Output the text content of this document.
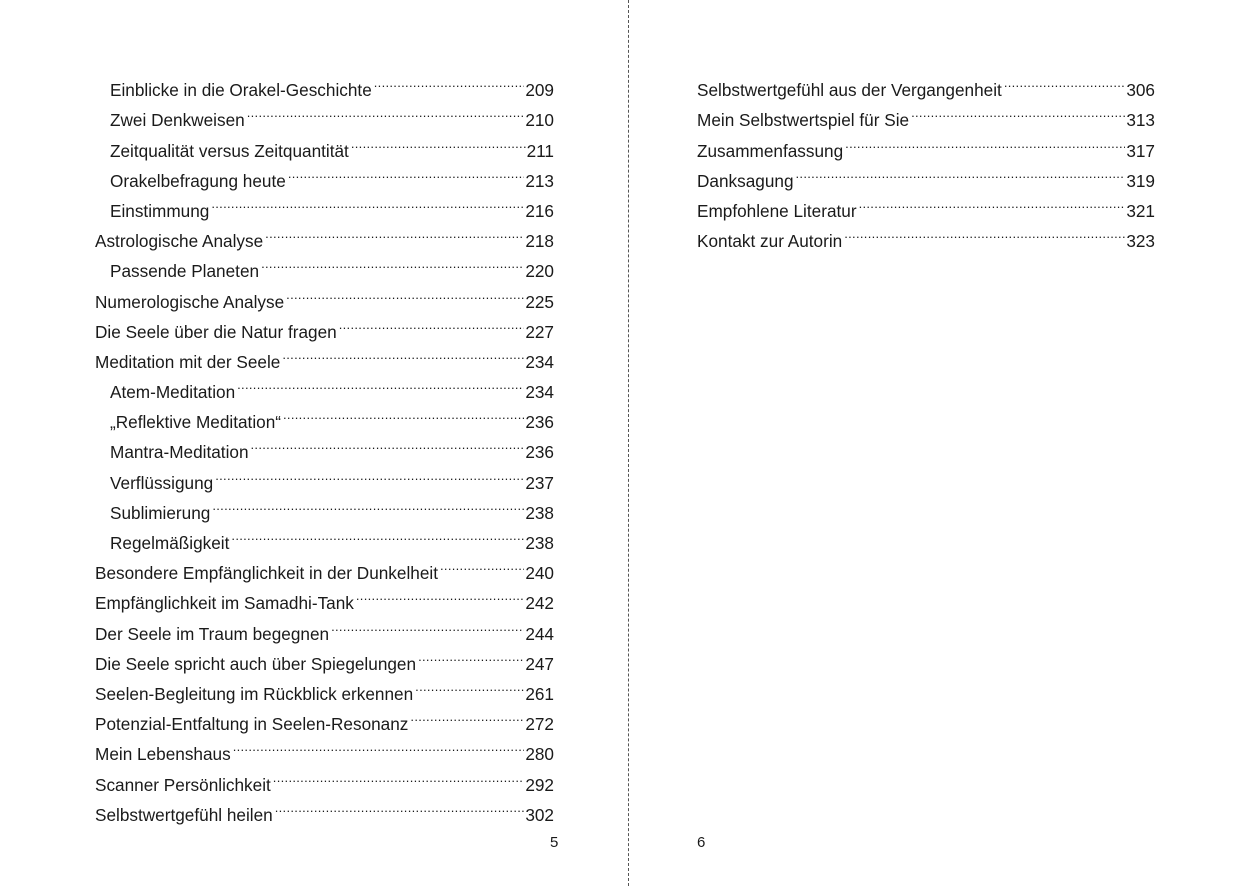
Einblicke in die Orakel-Geschichte .....	209
Zwei Denkweisen .....	210
Zeitqualität versus Zeitquantität .....	211
Orakelbefragung heute .....	213
Einstimmung .....	216
Astrologische Analyse .....	218
Passende Planeten .....	220
Numerologische Analyse .....	225
Die Seele über die Natur fragen .....	227
Meditation mit der Seele .....	234
Atem-Meditation .....	234
„Reflektive Meditation“ .....	236
Mantra-Meditation .....	236
Verflüssigung .....	237
Sublimierung .....	238
Regelmäßigkeit .....	238
Besondere Empfänglichkeit in der Dunkelheit .....	240
Empfänglichkeit im Samadhi-Tank .....	242
Der Seele im Traum begegnen .....	244
Die Seele spricht auch über Spiegelungen .....	247
Seelen-Begleitung im Rückblick erkennen .....	261
Potenzial-Entfaltung in Seelen-Resonanz .....	272
Mein Lebenshaus .....	280
Scanner Persönlichkeit .....	292
Selbstwertgefühl heilen .....	302
5
Selbstwertgefühl aus der Vergangenheit .....	306
Mein Selbstwertspiel für Sie .....	313
Zusammenfassung .....	317
Danksagung .....	319
Empfohlene Literatur .....	321
Kontakt zur Autorin .....	323
6
